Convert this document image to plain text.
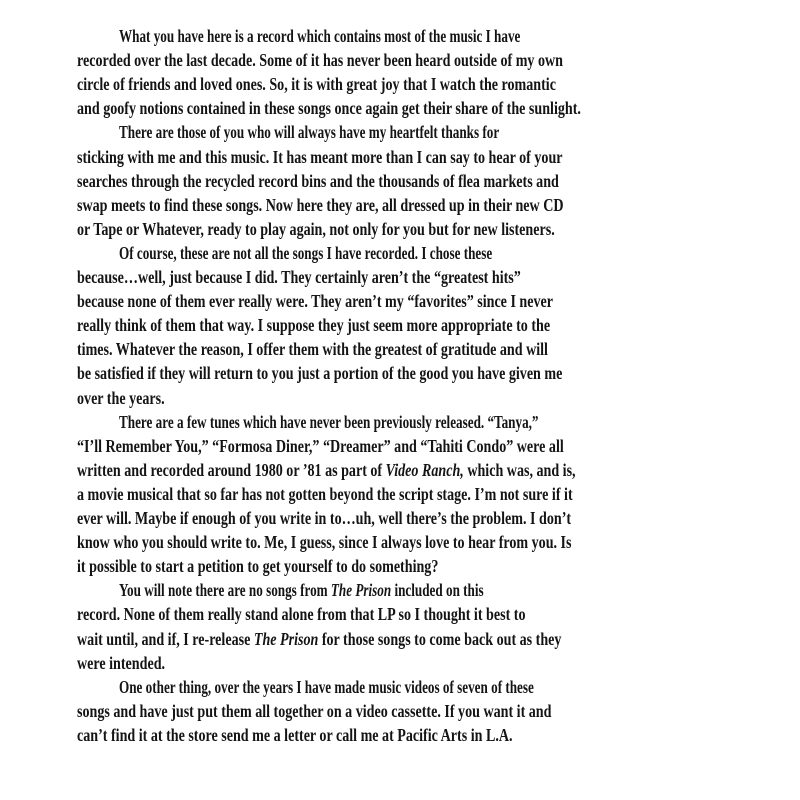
What you have here is a record which contains most of the music I have
recorded over the last decade. Some of it has never been heard outside of my own
circle of friends and loved ones. So, it is with great joy that I watch the romantic
and goofy notions contained in these songs once again get their share of the sunlight.
There are those of you who will always have my heartfelt thanks for
sticking with me and this music. It has meant more than I can say to hear of your
searches through the recycled record bins and the thousands of flea markets and
swap meets to find these songs. Now here they are, all dressed up in their new CD
or Tape or Whatever, ready to play again, not only for you but for new listeners.
Of course, these are not all the songs I have recorded. I chose these
because…well, just because I did. They certainly aren’t the “greatest hits”
because none of them ever really were. They aren’t my “favorites” since I never
really think of them that way. I suppose they just seem more appropriate to the
times. Whatever the reason, I offer them with the greatest of gratitude and will
be satisfied if they will return to you just a portion of the good you have given me
over the years.
There are a few tunes which have never been previously released. “Tanya,”
“I’ll Remember You,” “Formosa Diner,” “Dreamer” and “Tahiti Condo” were all
written and recorded around 1980 or ’81 as part of Video Ranch, which was, and is,
a movie musical that so far has not gotten beyond the script stage. I’m not sure if it
ever will. Maybe if enough of you write in to…uh, well there’s the problem. I don’t
know who you should write to. Me, I guess, since I always love to hear from you. Is
it possible to start a petition to get yourself to do something?
You will note there are no songs from The Prison included on this
record. None of them really stand alone from that LP so I thought it best to
wait until, and if, I re-release The Prison for those songs to come back out as they
were intended.
One other thing, over the years I have made music videos of seven of these
songs and have just put them all together on a video cassette. If you want it and
can’t find it at the store send me a letter or call me at Pacific Arts in L.A.
